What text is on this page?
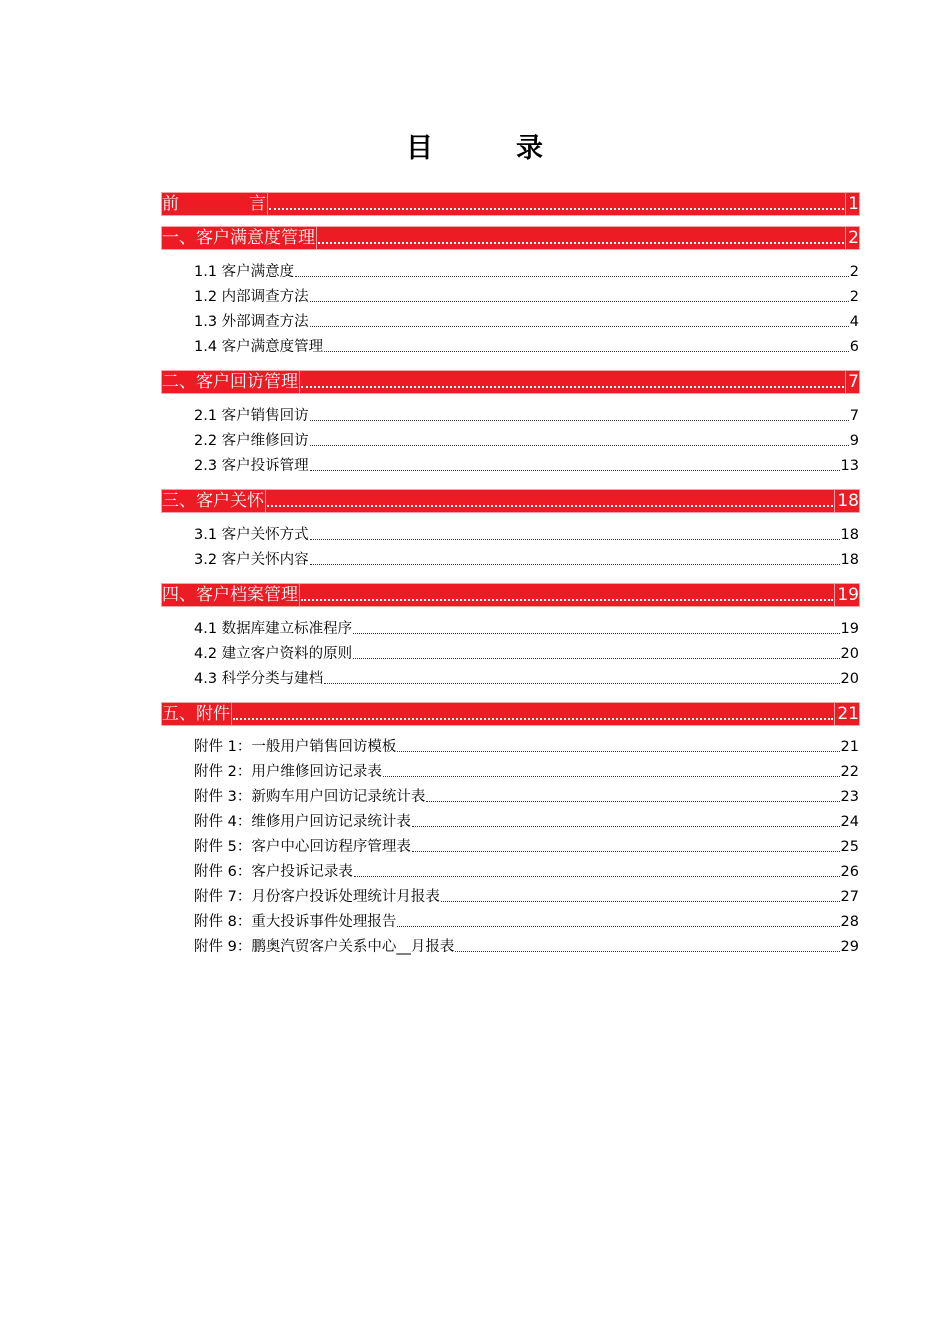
目	录
前	言	1
一、客户满意度管理	2
1.1 客户满意度	2
1.2 内部调查方法	2
1.3 外部调查方法	4
1.4 客户满意度管理	6
二、客户回访管理	7
2.1 客户销售回访	7
2.2 客户维修回访	9
2.3 客户投诉管理	13
三、客户关怀	18
3.1 客户关怀方式	18
3.2 客户关怀内容	18
四、客户档案管理	19
4.1 数据库建立标准程序	19
4.2 建立客户资料的原则	20
4.3 科学分类与建档	20
五、附件	21
附件 1：一般用户销售回访模板	21
附件 2：用户维修回访记录表	22
附件 3：新购车用户回访记录统计表	23
附件 4：维修用户回访记录统计表	24
附件 5：客户中心回访程序管理表	25
附件 6：客户投诉记录表	26
附件 7：月份客户投诉处理统计月报表	27
附件 8：重大投诉事件处理报告	28
附件 9：鹏奥汽贸客户关系中心__月报表	29
